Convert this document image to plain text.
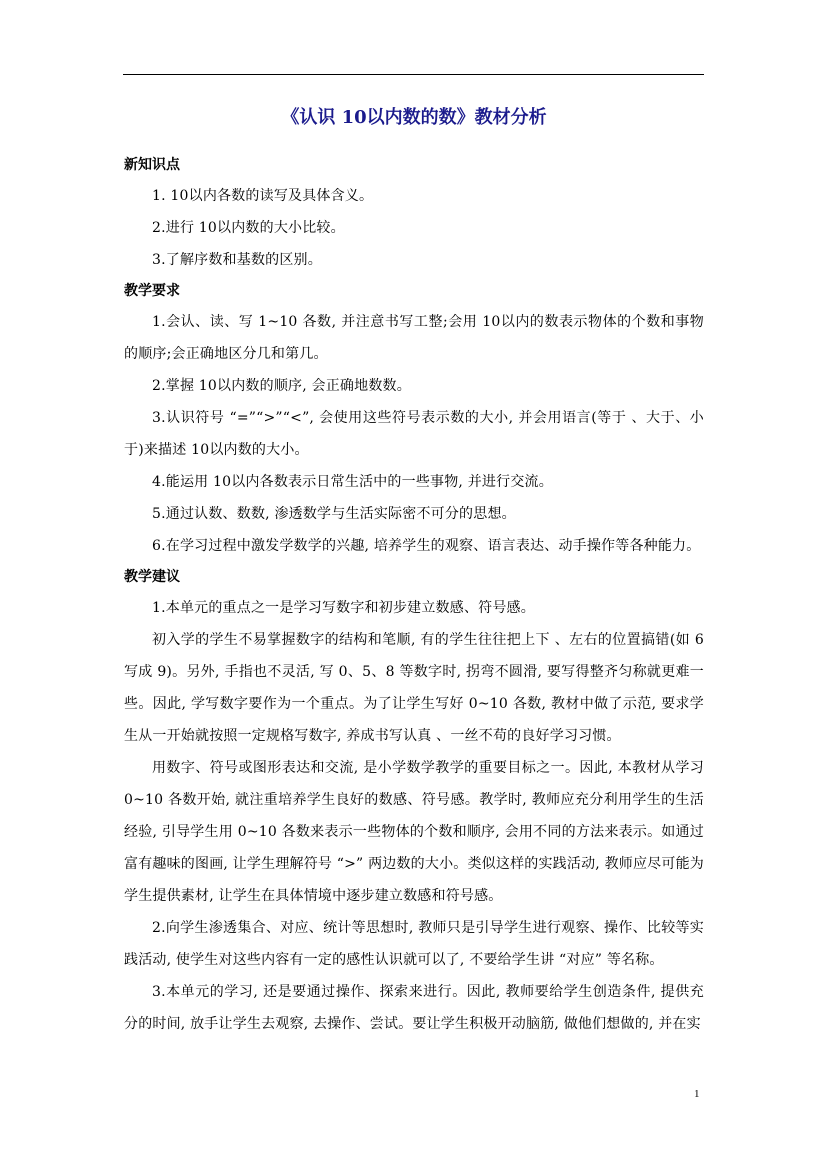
《认识 10以内数的数》教材分析

新知识点

1. 10以内各数的读写及具体含义。

2.进行 10以内数的大小比较。

3.了解序数和基数的区别。

教学要求

1.会认、读、写 1~10 各数, 并注意书写工整;会用 10以内的数表示物体的个数和事物的顺序;会正确地区分几和第几。

2.掌握 10以内数的顺序, 会正确地数数。

3.认识符号 “=”“>”“<”, 会使用这些符号表示数的大小, 并会用语言(等于 、大于、小于)来描述 10以内数的大小。

4.能运用 10以内各数表示日常生活中的一些事物, 并进行交流。

5.通过认数、数数, 渗透数学与生活实际密不可分的思想。

6.在学习过程中激发学数学的兴趣, 培养学生的观察、语言表达、动手操作等各种能力。

教学建议

1.本单元的重点之一是学习写数字和初步建立数感、符号感。

初入学的学生不易掌握数字的结构和笔顺, 有的学生往往把上下 、左右的位置搞错(如 6 写成 9)。另外, 手指也不灵活, 写 0、5、8 等数字时, 拐弯不圆滑, 要写得整齐匀称就更难一些。因此, 学写数字要作为一个重点。为了让学生写好 0~10 各数, 教材中做了示范, 要求学生从一开始就按照一定规格写数字, 养成书写认真 、一丝不苟的良好学习习惯。

用数字、符号或图形表达和交流, 是小学数学教学的重要目标之一。因此, 本教材从学习 0~10 各数开始, 就注重培养学生良好的数感、符号感。教学时, 教师应充分利用学生的生活经验, 引导学生用 0~10 各数来表示一些物体的个数和顺序, 会用不同的方法来表示。如通过富有趣味的图画, 让学生理解符号 “>” 两边数的大小。类似这样的实践活动, 教师应尽可能为学生提供素材, 让学生在具体情境中逐步建立数感和符号感。

2.向学生渗透集合、对应、统计等思想时, 教师只是引导学生进行观察、操作、比较等实践活动, 使学生对这些内容有一定的感性认识就可以了, 不要给学生讲 “对应” 等名称。

3.本单元的学习, 还是要通过操作、探索来进行。因此, 教师要给学生创造条件, 提供充分的时间, 放手让学生去观察, 去操作、尝试。要让学生积极开动脑筋, 做他们想做的, 并在实

1
